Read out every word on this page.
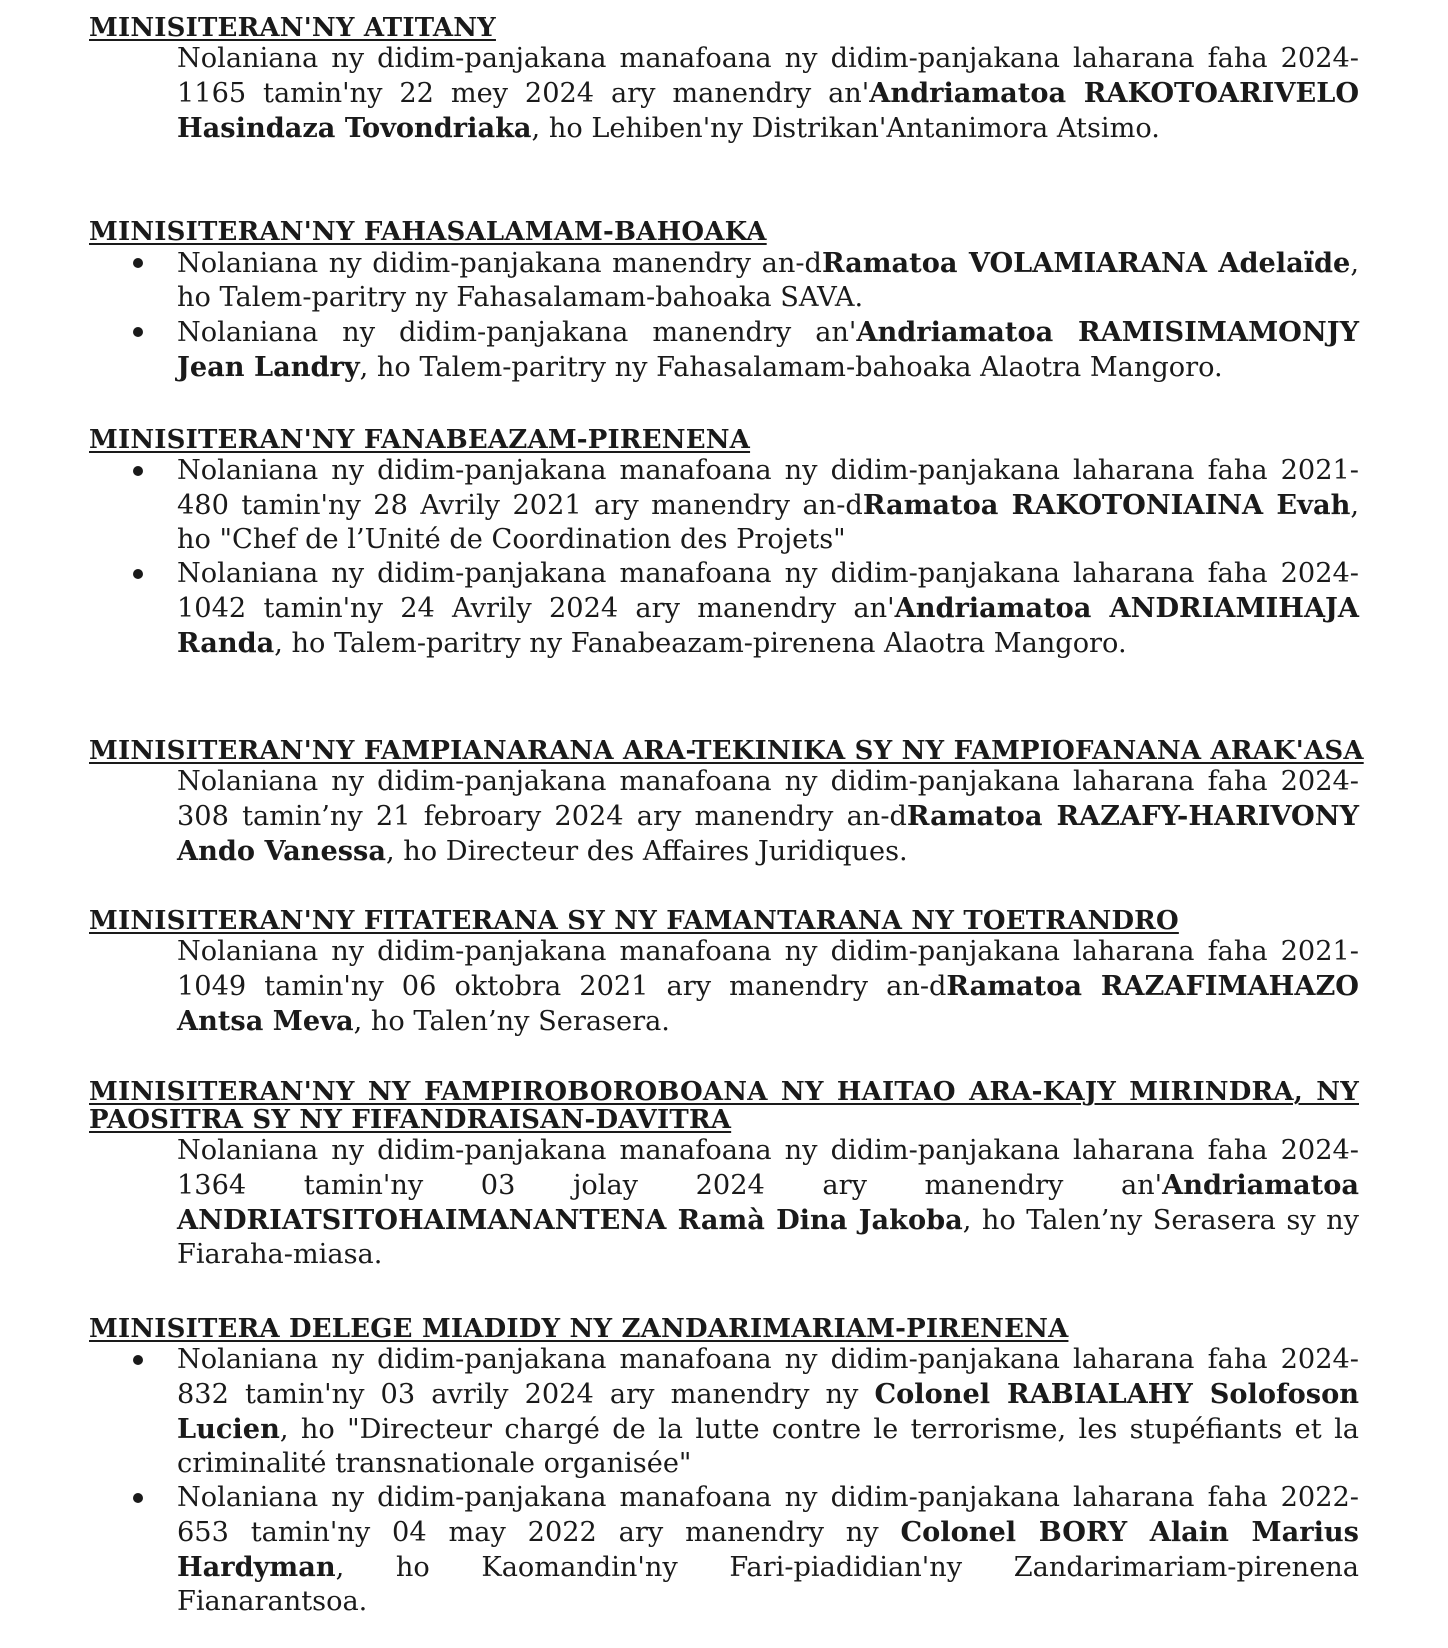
MINISITERAN'NY ATITANY

Nolaniana ny didim-panjakana manafoana ny didim-panjakana laharana faha 2024-1165 tamin'ny 22 mey 2024 ary manendry an'Andriamatoa RAKOTOARIVELO Hasindaza Tovondriaka, ho Lehiben'ny Distrikan'Antanimora Atsimo.

MINISITERAN'NY FAHASALAMAM-BAHOAKA

Nolaniana ny didim-panjakana manendry an-dRamatoa VOLAMIARANA Adelaïde, ho Talem-paritry ny Fahasalamam-bahoaka SAVA.

Nolaniana ny didim-panjakana manendry an'Andriamatoa RAMISIMAMONJY Jean Landry, ho Talem-paritry ny Fahasalamam-bahoaka Alaotra Mangoro.

MINISITERAN'NY FANABEAZAM-PIRENENA

Nolaniana ny didim-panjakana manafoana ny didim-panjakana laharana faha 2021-480 tamin'ny 28 Avrily 2021 ary manendry an-dRamatoa RAKOTONIAINA Evah, ho "Chef de l’Unité de Coordination des Projets"

Nolaniana ny didim-panjakana manafoana ny didim-panjakana laharana faha 2024-1042 tamin'ny 24 Avrily 2024 ary manendry an'Andriamatoa ANDRIAMIHAJA Randa, ho Talem-paritry ny Fanabeazam-pirenena Alaotra Mangoro.

MINISITERAN'NY FAMPIANARANA ARA-TEKINIKA SY NY FAMPIOFANANA ARAK'ASA

Nolaniana ny didim-panjakana manafoana ny didim-panjakana laharana faha 2024-308 tamin’ny 21 febroary 2024 ary manendry an-dRamatoa RAZAFY-HARIVONY Ando Vanessa, ho Directeur des Affaires Juridiques.

MINISITERAN'NY FITATERANA SY NY FAMANTARANA NY TOETRANDRO

Nolaniana ny didim-panjakana manafoana ny didim-panjakana laharana faha 2021-1049 tamin'ny 06 oktobra 2021 ary manendry an-dRamatoa RAZAFIMAHAZO Antsa Meva, ho Talen’ny Serasera.

MINISITERAN'NY NY FAMPIROBOROBOANA NY HAITAO ARA-KAJY MIRINDRA, NY PAOSITRA SY NY FIFANDRAISAN-DAVITRA

Nolaniana ny didim-panjakana manafoana ny didim-panjakana laharana faha 2024-1364 tamin'ny 03 jolay 2024 ary manendry an'Andriamatoa ANDRIATSITOHAIMANANTENA Ramà Dina Jakoba, ho Talen’ny Serasera sy ny Fiaraha-miasa.

MINISITERA DELEGE MIADIDY NY ZANDARIMARIAM-PIRENENA

Nolaniana ny didim-panjakana manafoana ny didim-panjakana laharana faha 2024-832 tamin'ny 03 avrily 2024 ary manendry ny Colonel RABIALAHY Solofoson Lucien, ho "Directeur chargé de la lutte contre le terrorisme, les stupéfiants et la criminalité transnationale organisée"

Nolaniana ny didim-panjakana manafoana ny didim-panjakana laharana faha 2022-653 tamin'ny 04 may 2022 ary manendry ny Colonel BORY Alain Marius Hardyman, ho Kaomandin'ny Fari-piadidian'ny Zandarimariam-pirenena Fianarantsoa.
